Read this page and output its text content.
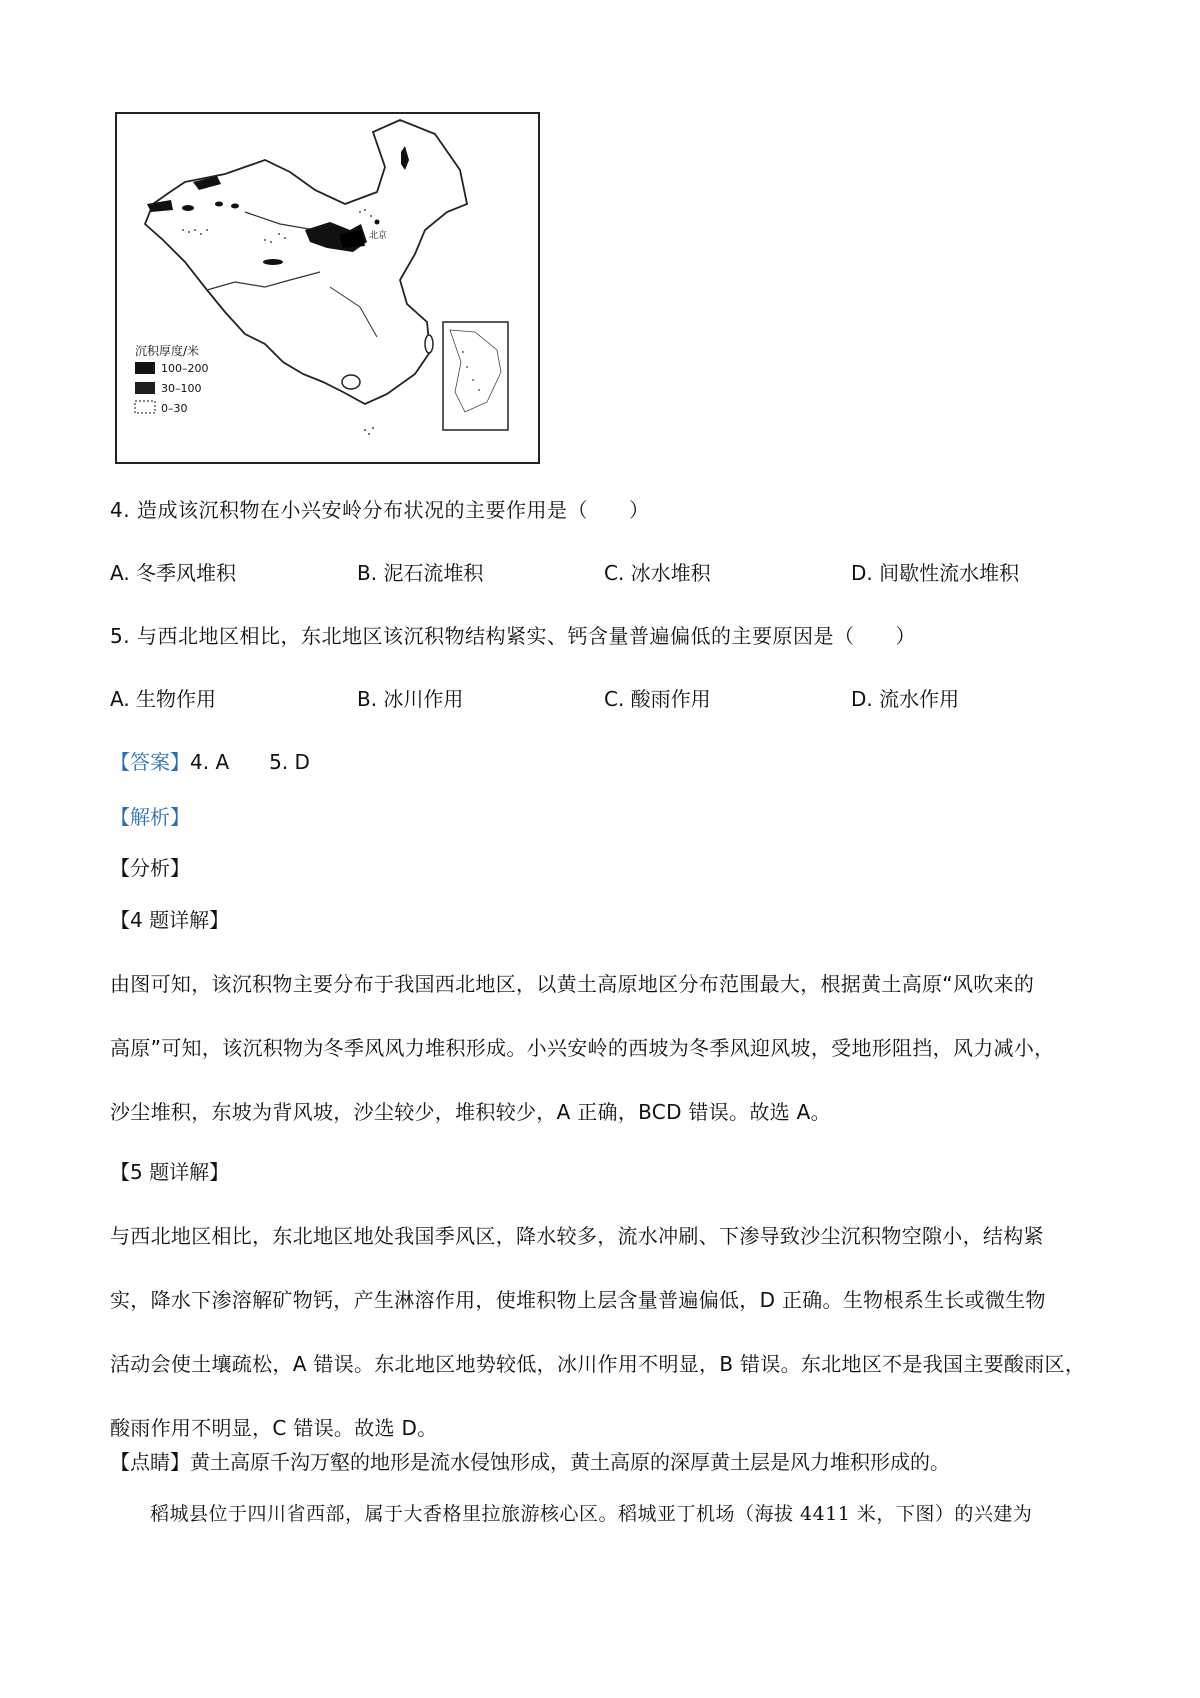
北京
沉积厚度/米
100–200
30–100
0–30
4. 造成该沉积物在小兴安岭分布状况的主要作用是（　　）
A. 冬季风堆积	B. 泥石流堆积	C. 冰水堆积	D. 间歇性流水堆积
5. 与西北地区相比，东北地区该沉积物结构紧实、钙含量普遍偏低的主要原因是（　　）
A. 生物作用	B. 冰川作用	C. 酸雨作用	D. 流水作用
【答案】4. A　　5. D
【解析】
【分析】
【4 题详解】
由图可知，该沉积物主要分布于我国西北地区，以黄土高原地区分布范围最大，根据黄土高原“风吹来的
高原”可知，该沉积物为冬季风风力堆积形成。小兴安岭的西坡为冬季风迎风坡，受地形阻挡，风力减小，
沙尘堆积，东坡为背风坡，沙尘较少，堆积较少，A 正确，BCD 错误。故选 A。
【5 题详解】
与西北地区相比，东北地区地处我国季风区，降水较多，流水冲刷、下渗导致沙尘沉积物空隙小，结构紧
实，降水下渗溶解矿物钙，产生淋溶作用，使堆积物上层含量普遍偏低，D 正确。生物根系生长或微生物
活动会使土壤疏松，A 错误。东北地区地势较低，冰川作用不明显，B 错误。东北地区不是我国主要酸雨区，
酸雨作用不明显，C 错误。故选 D。
【点睛】黄土高原千沟万壑的地形是流水侵蚀形成，黄土高原的深厚黄土层是风力堆积形成的。
稻城县位于四川省西部，属于大香格里拉旅游核心区。稻城亚丁机场（海拔 4411 米，下图）的兴建为
